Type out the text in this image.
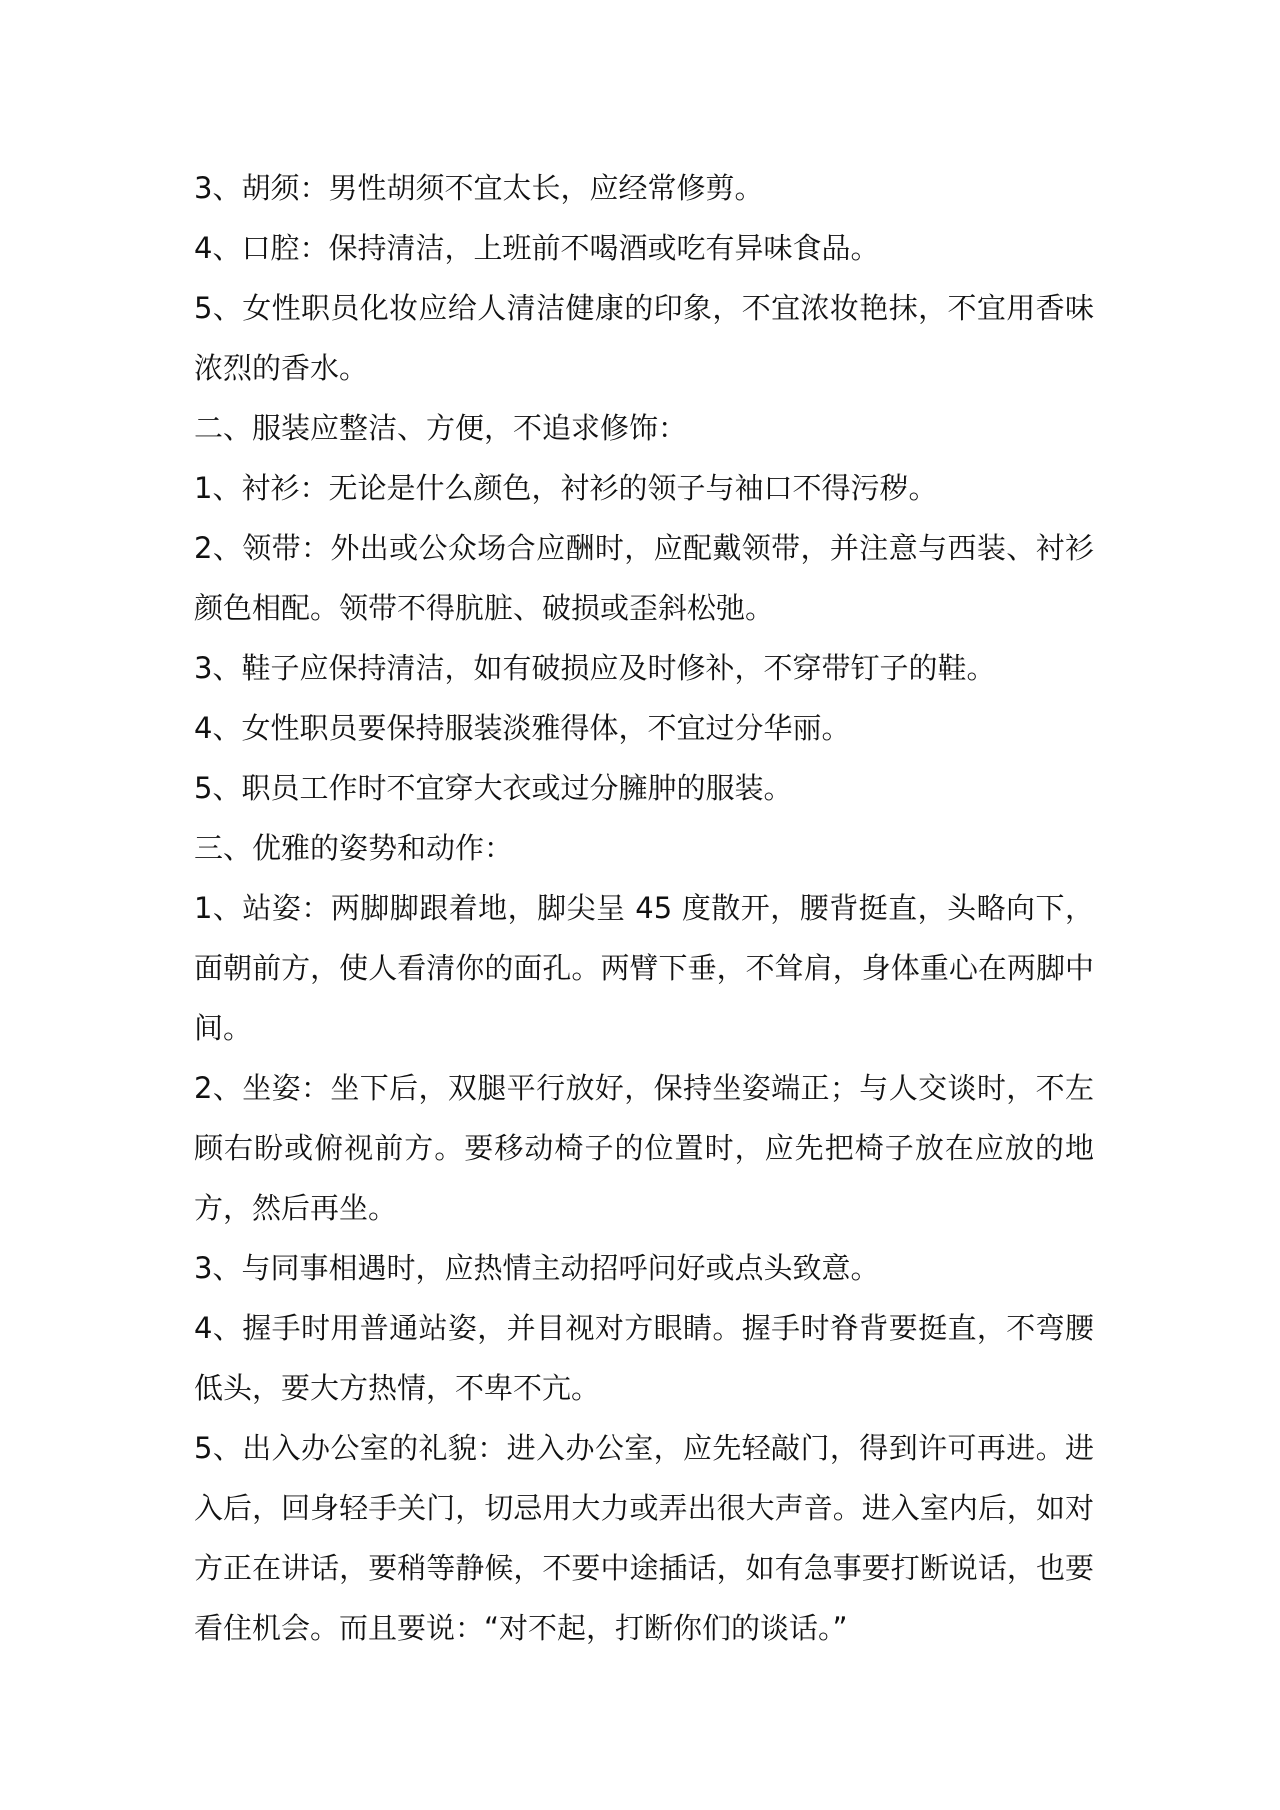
3、胡须：男性胡须不宜太长，应经常修剪。

4、口腔：保持清洁，上班前不喝酒或吃有异味食品。

5、女性职员化妆应给人清洁健康的印象，不宜浓妆艳抹，不宜用香味浓烈的香水。

二、服装应整洁、方便，不追求修饰：

1、衬衫：无论是什么颜色，衬衫的领子与袖口不得污秽。

2、领带：外出或公众场合应酬时，应配戴领带，并注意与西装、衬衫颜色相配。领带不得肮脏、破损或歪斜松弛。

3、鞋子应保持清洁，如有破损应及时修补，不穿带钉子的鞋。

4、女性职员要保持服装淡雅得体，不宜过分华丽。

5、职员工作时不宜穿大衣或过分臃肿的服装。

三、优雅的姿势和动作：

1、站姿：两脚脚跟着地，脚尖呈 45 度散开，腰背挺直，头略向下，面朝前方，使人看清你的面孔。两臂下垂，不耸肩，身体重心在两脚中间。

2、坐姿：坐下后，双腿平行放好，保持坐姿端正；与人交谈时，不左顾右盼或俯视前方。要移动椅子的位置时，应先把椅子放在应放的地方，然后再坐。

3、与同事相遇时，应热情主动招呼问好或点头致意。

4、握手时用普通站姿，并目视对方眼睛。握手时脊背要挺直，不弯腰低头，要大方热情，不卑不亢。

5、出入办公室的礼貌：进入办公室，应先轻敲门，得到许可再进。进入后，回身轻手关门，切忌用大力或弄出很大声音。进入室内后，如对方正在讲话，要稍等静候，不要中途插话，如有急事要打断说话，也要看住机会。而且要说：“对不起，打断你们的谈话。”
